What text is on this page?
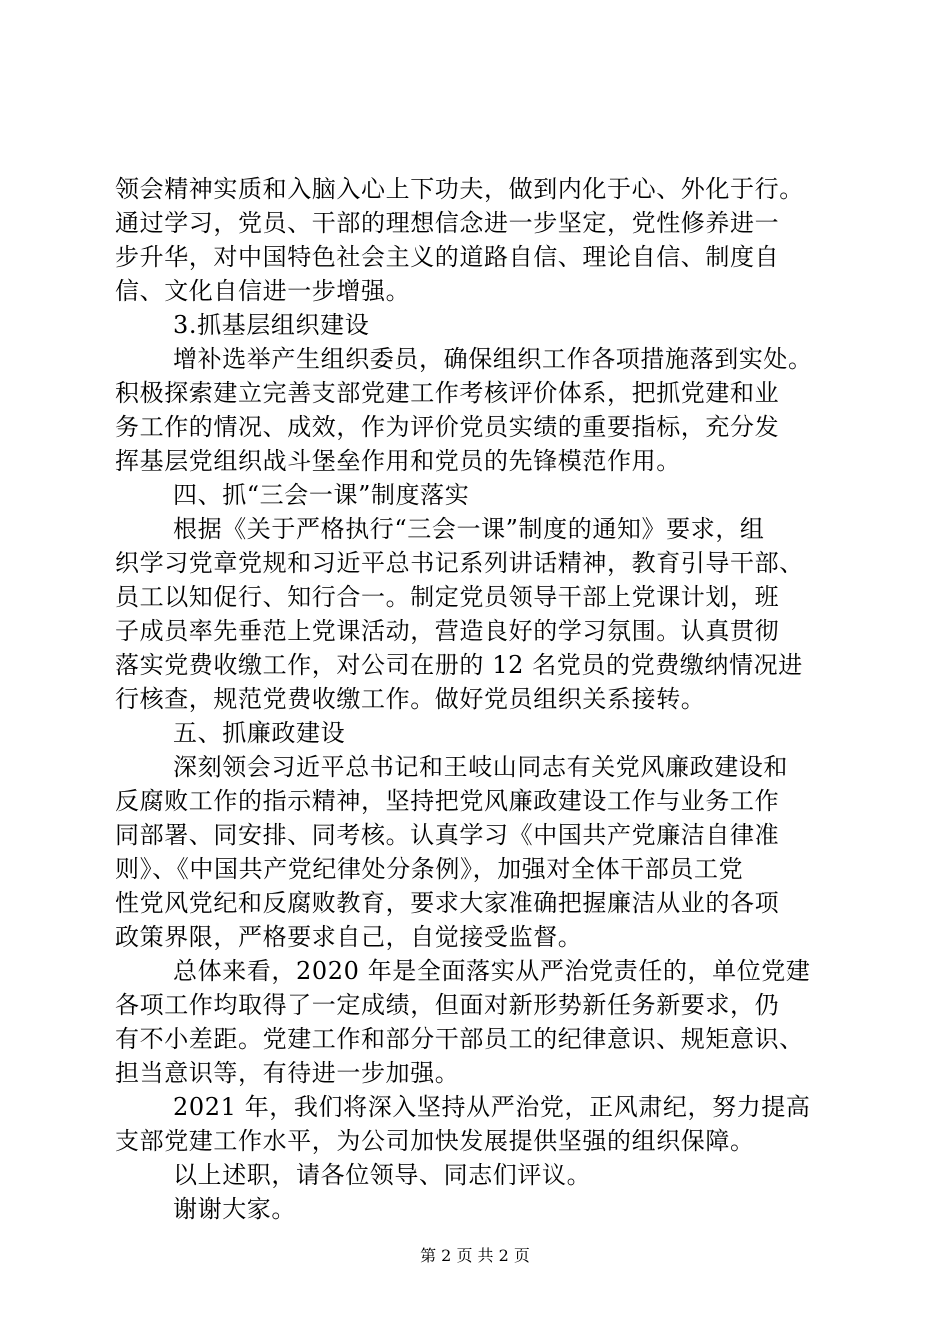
领会精神实质和入脑入心上下功夫，做到内化于心、外化于行。
通过学习，党员、干部的理想信念进一步坚定，党性修养进一
步升华，对中国特色社会主义的道路自信、理论自信、制度自
信、文化自信进一步增强。
3.抓基层组织建设
增补选举产生组织委员，确保组织工作各项措施落到实处。
积极探索建立完善支部党建工作考核评价体系，把抓党建和业
务工作的情况、成效，作为评价党员实绩的重要指标，充分发
挥基层党组织战斗堡垒作用和党员的先锋模范作用。
四、抓“三会一课”制度落实
根据《关于严格执行“三会一课”制度的通知》要求，组
织学习党章党规和习近平总书记系列讲话精神，教育引导干部、
员工以知促行、知行合一。制定党员领导干部上党课计划，班
子成员率先垂范上党课活动，营造良好的学习氛围。认真贯彻
落实党费收缴工作，对公司在册的 12 名党员的党费缴纳情况进
行核查，规范党费收缴工作。做好党员组织关系接转。
五、抓廉政建设
深刻领会习近平总书记和王岐山同志有关党风廉政建设和
反腐败工作的指示精神，坚持把党风廉政建设工作与业务工作
同部署、同安排、同考核。认真学习《中国共产党廉洁自律准
则》、《中国共产党纪律处分条例》，加强对全体干部员工党
性党风党纪和反腐败教育，要求大家准确把握廉洁从业的各项
政策界限，严格要求自己，自觉接受监督。
总体来看，2020 年是全面落实从严治党责任的，单位党建
各项工作均取得了一定成绩，但面对新形势新任务新要求，仍
有不小差距。党建工作和部分干部员工的纪律意识、规矩意识、
担当意识等，有待进一步加强。
2021 年，我们将深入坚持从严治党，正风肃纪，努力提高
支部党建工作水平，为公司加快发展提供坚强的组织保障。
以上述职，请各位领导、同志们评议。
谢谢大家。
第 2 页 共 2 页
